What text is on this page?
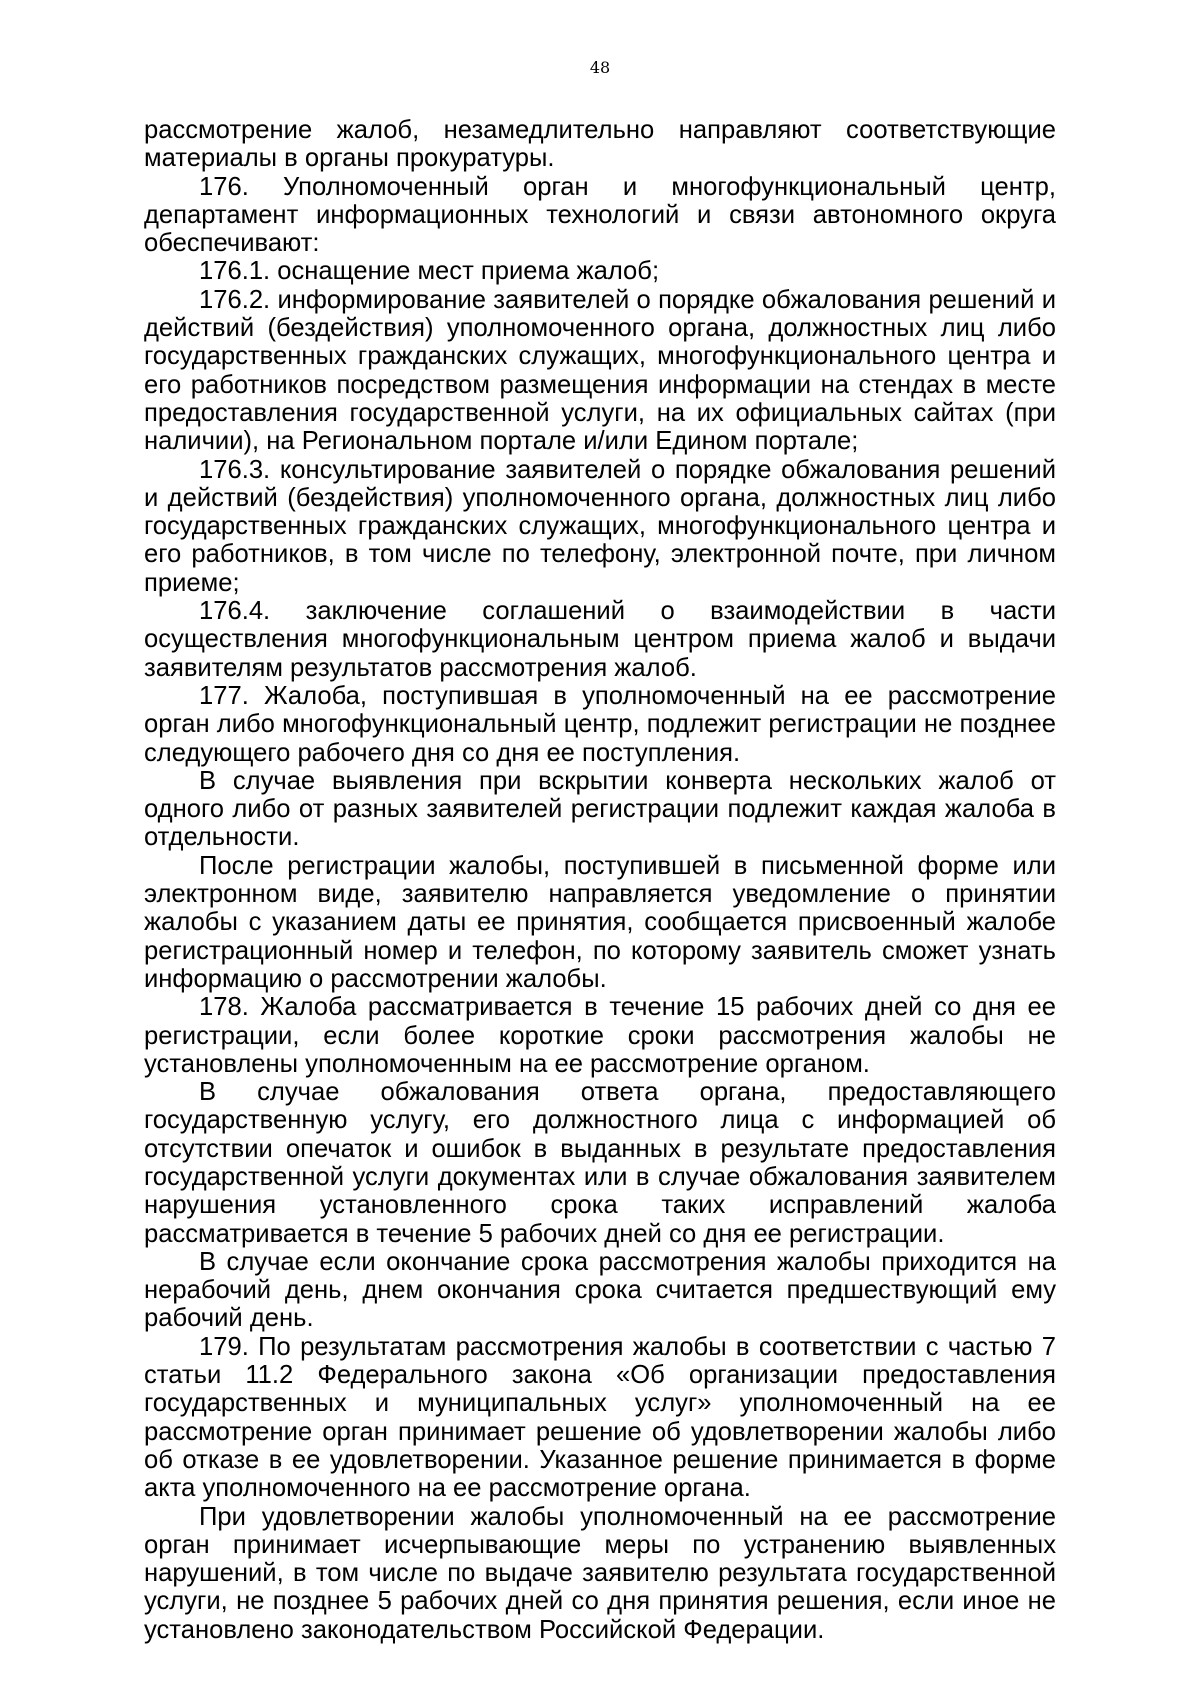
48

рассмотрение жалоб, незамедлительно направляют соответствующие материалы в органы прокуратуры.

176. Уполномоченный орган и многофункциональный центр, департамент информационных технологий и связи автономного округа обеспечивают:

176.1. оснащение мест приема жалоб;

176.2. информирование заявителей о порядке обжалования решений и действий (бездействия) уполномоченного органа, должностных лиц либо государственных гражданских служащих, многофункционального центра и его работников посредством размещения информации на стендах в месте предоставления государственной услуги, на их официальных сайтах (при наличии), на Региональном портале и/или Едином портале;

176.3. консультирование заявителей о порядке обжалования решений и действий (бездействия) уполномоченного органа, должностных лиц либо государственных гражданских служащих, многофункционального центра и его работников, в том числе по телефону, электронной почте, при личном приеме;

176.4. заключение соглашений о взаимодействии в части осуществления многофункциональным центром приема жалоб и выдачи заявителям результатов рассмотрения жалоб.

177. Жалоба, поступившая в уполномоченный на ее рассмотрение орган либо многофункциональный центр, подлежит регистрации не позднее следующего рабочего дня со дня ее поступления.

В случае выявления при вскрытии конверта нескольких жалоб от одного либо от разных заявителей регистрации подлежит каждая жалоба в отдельности.

После регистрации жалобы, поступившей в письменной форме или электронном виде, заявителю направляется уведомление о принятии жалобы с указанием даты ее принятия, сообщается присвоенный жалобе регистрационный номер и телефон, по которому заявитель сможет узнать информацию о рассмотрении жалобы.

178. Жалоба рассматривается в течение 15 рабочих дней со дня ее регистрации, если более короткие сроки рассмотрения жалобы не установлены уполномоченным на ее рассмотрение органом.

В случае обжалования ответа органа, предоставляющего государственную услугу, его должностного лица с информацией об отсутствии опечаток и ошибок в выданных в результате предоставления государственной услуги документах или в случае обжалования заявителем нарушения установленного срока таких исправлений жалоба рассматривается в течение 5 рабочих дней со дня ее регистрации.

В случае если окончание срока рассмотрения жалобы приходится на нерабочий день, днем окончания срока считается предшествующий ему рабочий день.

179. По результатам рассмотрения жалобы в соответствии с частью 7 статьи 11.2 Федерального закона «Об организации предоставления государственных и муниципальных услуг» уполномоченный на ее рассмотрение орган принимает решение об удовлетворении жалобы либо об отказе в ее удовлетворении. Указанное решение принимается в форме акта уполномоченного на ее рассмотрение органа.

При удовлетворении жалобы уполномоченный на ее рассмотрение орган принимает исчерпывающие меры по устранению выявленных нарушений, в том числе по выдаче заявителю результата государственной услуги, не позднее 5 рабочих дней со дня принятия решения, если иное не установлено законодательством Российской Федерации.
